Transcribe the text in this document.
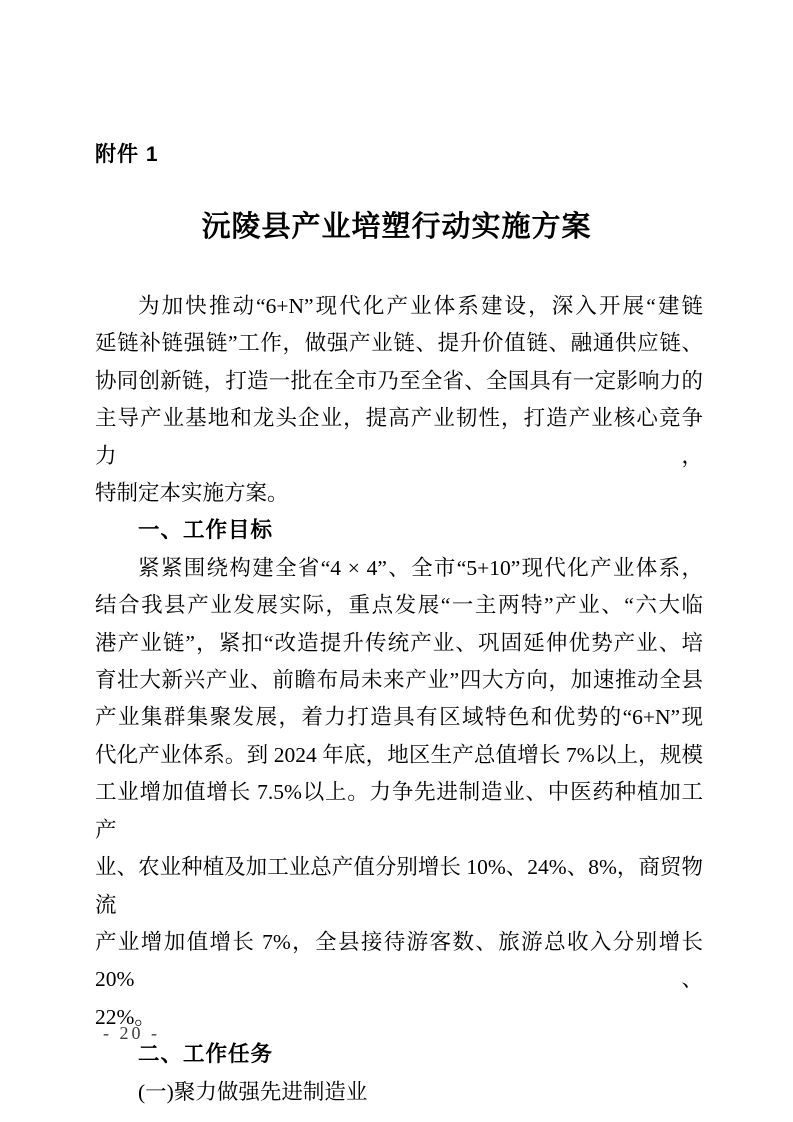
附件 1
沅陵县产业培塑行动实施方案
为加快推动“6+N”现代化产业体系建设，深入开展“建链
延链补链强链”工作，做强产业链、提升价值链、融通供应链、
协同创新链，打造一批在全市乃至全省、全国具有一定影响力的
主导产业基地和龙头企业，提高产业韧性，打造产业核心竞争力，
特制定本实施方案。
一、工作目标
紧紧围绕构建全省“4 × 4”、全市“5+10”现代化产业体系，
结合我县产业发展实际，重点发展“一主两特”产业、“六大临
港产业链”，紧扣“改造提升传统产业、巩固延伸优势产业、培
育壮大新兴产业、前瞻布局未来产业”四大方向，加速推动全县
产业集群集聚发展，着力打造具有区域特色和优势的“6+N”现
代化产业体系。到 2024 年底，地区生产总值增长 7%以上，规模
工业增加值增长 7.5%以上。力争先进制造业、中医药种植加工产
业、农业种植及加工业总产值分别增长 10%、24%、8%，商贸物流
产业增加值增长 7%，全县接待游客数、旅游总收入分别增长 20%、
22%。
二、工作任务
(一)聚力做强先进制造业
- 20 -
